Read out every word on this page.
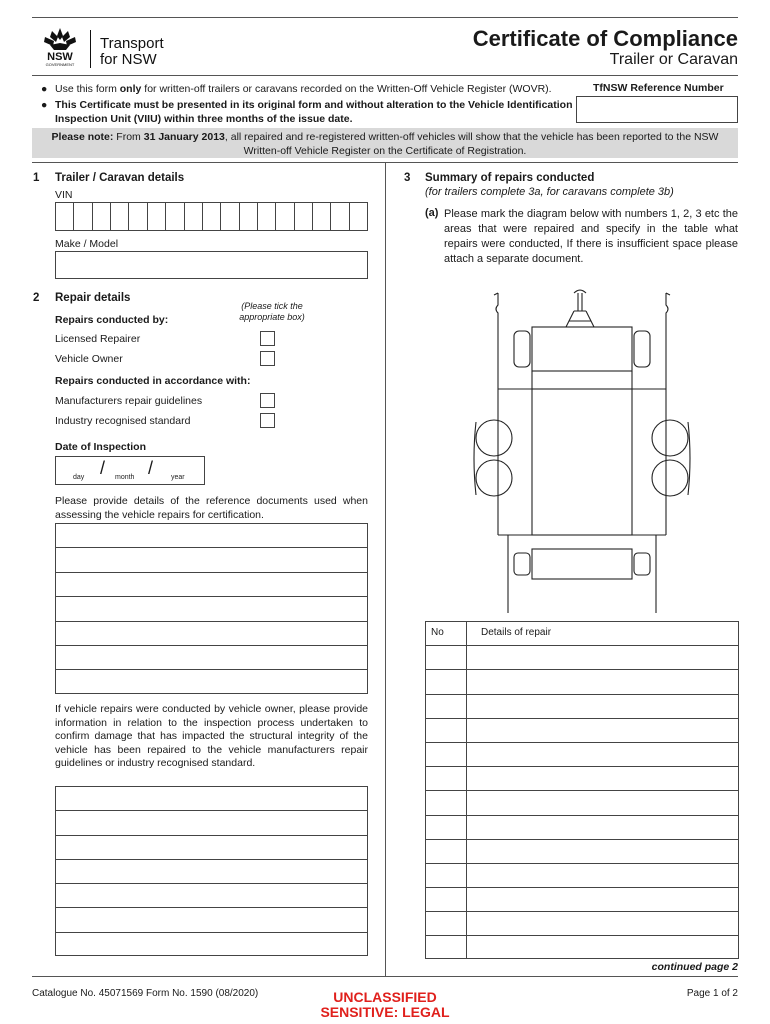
NSW
GOVERNMENT
Transport
for NSW
Certificate of Compliance
Trailer or Caravan
● Use this form only for written-off trailers or caravans recorded on the Written-Off Vehicle Register (WOVR).
● This Certificate must be presented in its original form and without alteration to the Vehicle Identification Inspection Unit (VIIU) within three months of the issue date.
TfNSW Reference Number
Please note: From 31 January 2013, all repaired and re-registered written-off vehicles will show that the vehicle has been reported to the NSW Written-off Vehicle Register on the Certificate of Registration.
1 Trailer / Caravan details
VIN
Make / Model
2 Repair details
(Please tick the
appropriate box)
Repairs conducted by:
Licensed Repairer
Vehicle Owner
Repairs conducted in accordance with:
Manufacturers repair guidelines
Industry recognised standard
Date of Inspection
/ /
day	month	year
Please provide details of the reference documents used when assessing the vehicle repairs for certification.
If vehicle repairs were conducted by vehicle owner, please provide information in relation to the inspection process undertaken to confirm damage that has impacted the structural integrity of the vehicle has been repaired to the vehicle manufacturers repair guidelines or industry recognised standard.
3 Summary of repairs conducted
(for trailers complete 3a, for caravans complete 3b)
(a) Please mark the diagram below with numbers 1, 2, 3 etc the areas that were repaired and specify in the table what repairs were conducted, If there is insufficient space please attach a separate document.
No	Details of repair
continued page 2
Catalogue No. 45071569 Form No. 1590 (08/2020)	UNCLASSIFIED
SENSITIVE: LEGAL
Page 1 of 2
